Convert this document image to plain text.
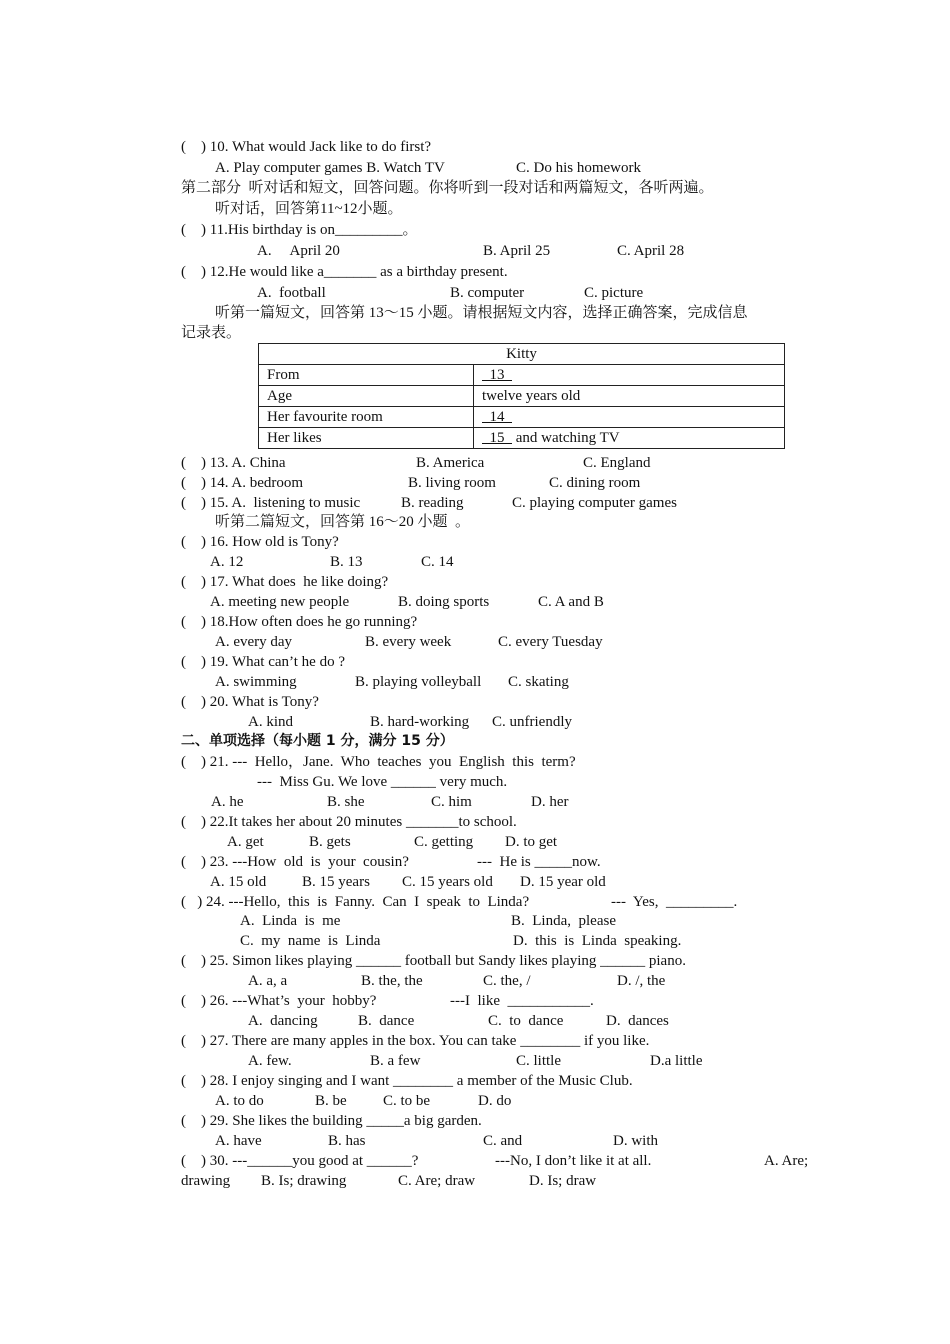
Kitty	
From	13
Age	twelve years old
Her favourite room	14
Her likes	15   and watching TV
(    ) 10. What would Jack like to do first?
A. Play computer games B. Watch TV	C. Do his homework
第二部分  听对话和短文，回答问题。你将听到一段对话和两篇短文，各听两遍。
听对话，回答第11~12小题。
(    ) 11.His birthday is on_________。
A.     April 20	B. April 25	C. April 28
(    ) 12.He would like a_______ as a birthday present.
A.  football	B. computer	C. picture
听第一篇短文，回答第 13～15 小题。请根据短文内容，选择正确答案，完成信息
记录表。
(    ) 13. A. China	B. America	C. England
(    ) 14. A. bedroom	B. living room	C. dining room
(    ) 15. A.  listening to music	B. reading	C. playing computer games
听第二篇短文，回答第 16～20 小题  。
(    ) 16. How old is Tony?
A. 12	B. 13	C. 14
(    ) 17. What does  he like doing?
A. meeting new people	B. doing sports	C. A and B
(    ) 18.How often does he go running?
A. every day	B. every week	C. every Tuesday
(    ) 19. What can’t he do ?
A. swimming	B. playing volleyball C. skating
(    ) 20. What is Tony?
A. kind	B. hard-working C. unfriendly
二、单项选择（每小题 1 分，满分 15 分）
(    ) 21. ---  Hello，Jane.  Who  teaches  you  English  this  term?
---  Miss Gu. We love ______ very much.
A. he	B. she	C. him	D. her
(    ) 22.It takes her about 20 minutes _______to school.
A. get	B. gets	C. getting D. to get
(    ) 23. ---How  old  is  your  cousin?	---  He is _____now.
A. 15 old B. 15 years C. 15 years old D. 15 year old
(   ) 24. ---Hello,  this  is  Fanny.  Can  I  speak  to  Linda?	---  Yes,  _________.
A.  Linda  is  me	B.  Linda,  please
C.  my  name  is  Linda	D.  this  is  Linda  speaking.
(    ) 25. Simon likes playing ______ football but Sandy likes playing ______ piano.
A. a, a	B. the, the	C. the, /	D. /, the
(    ) 26. ---What’s  your  hobby?	---I  like  ___________.
A.  dancing	B.  dance	C.  to  dance	D.  dances
(    ) 27. There are many apples in the box. You can take ________ if you like.
A. few.	B. a few	C. little	D.a little
(    ) 28. I enjoy singing and I want ________ a member of the Music Club.
A. to do	B. be C. to be	D. do
(    ) 29. She likes the building _____a big garden.
A. have	B. has	C. and	D. with
(    ) 30. ---______you good at ______?	---No, I don’t like it at all.	A. Are;
drawing B. Is; drawing	C. Are; draw	D. Is; draw
